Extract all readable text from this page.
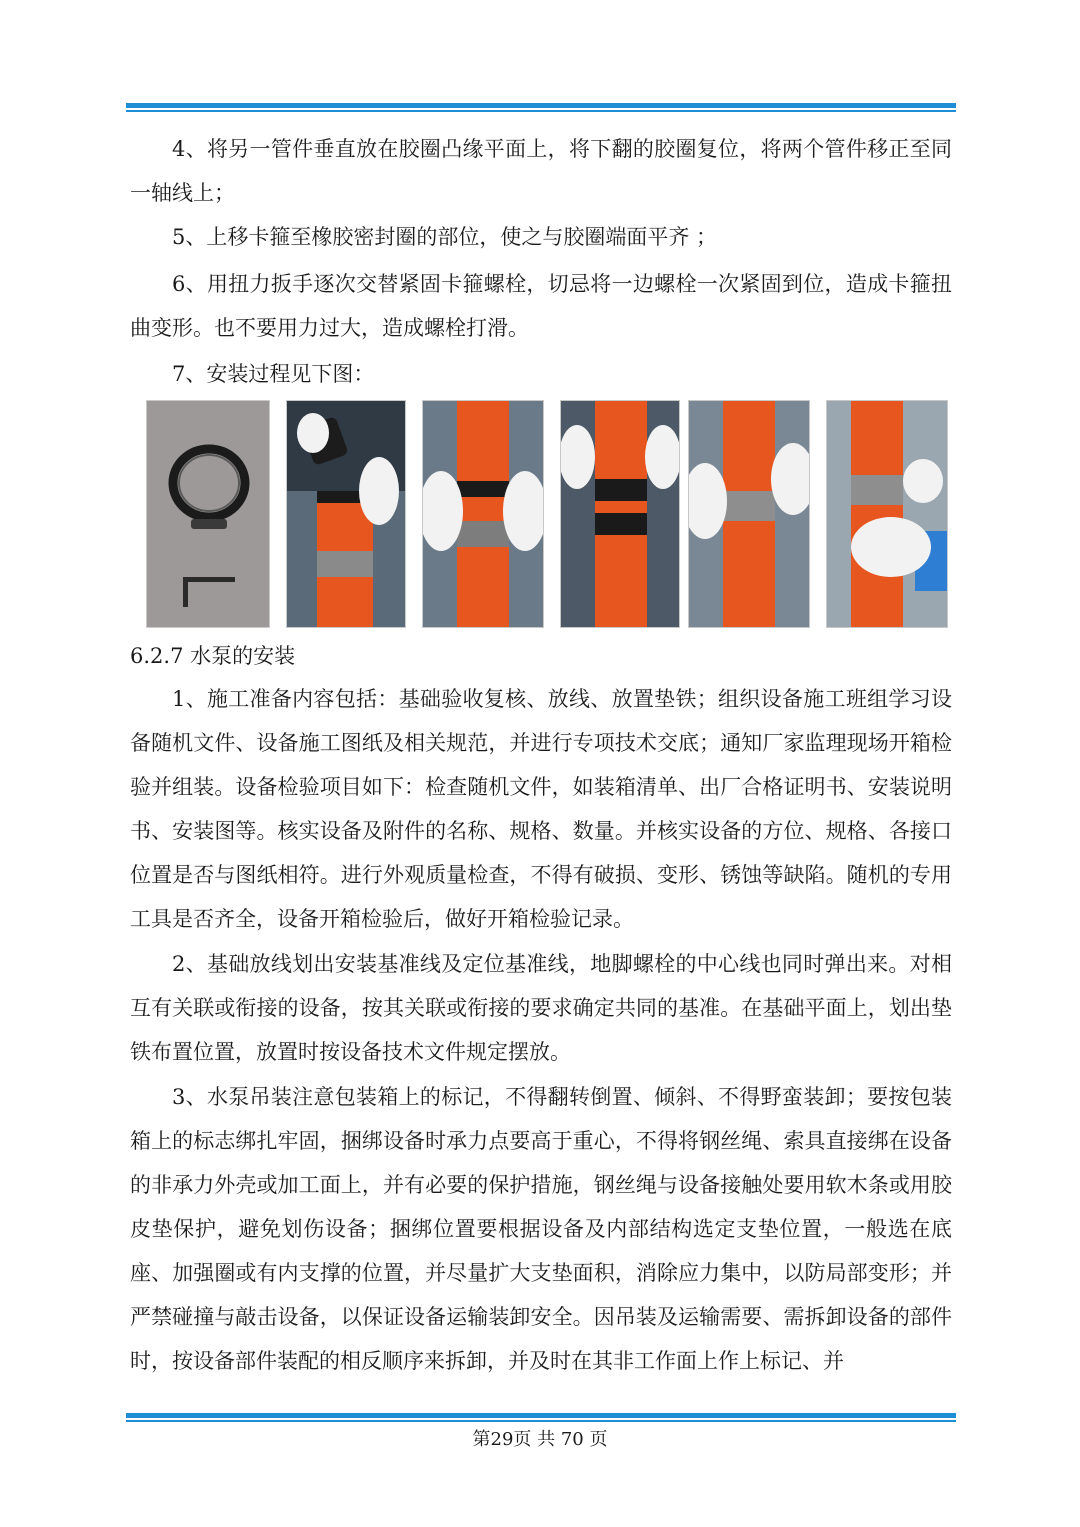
4、将另一管件垂直放在胶圈凸缘平面上，将下翻的胶圈复位，将两个管件移正至同一轴线上；

5、上移卡箍至橡胶密封圈的部位，使之与胶圈端面平齐 ；

6、用扭力扳手逐次交替紧固卡箍螺栓，切忌将一边螺栓一次紧固到位，造成卡箍扭曲变形。也不要用力过大，造成螺栓打滑。

7、安装过程见下图：

6.2.7 水泵的安装

1、施工准备内容包括：基础验收复核、放线、放置垫铁；组织设备施工班组学习设备随机文件、设备施工图纸及相关规范，并进行专项技术交底；通知厂家监理现场开箱检验并组装。设备检验项目如下：检查随机文件，如装箱清单、出厂合格证明书、安装说明书、安装图等。核实设备及附件的名称、规格、数量。并核实设备的方位、规格、各接口位置是否与图纸相符。进行外观质量检查，不得有破损、变形、锈蚀等缺陷。随机的专用工具是否齐全，设备开箱检验后，做好开箱检验记录。

2、基础放线划出安装基准线及定位基准线，地脚螺栓的中心线也同时弹出来。对相互有关联或衔接的设备，按其关联或衔接的要求确定共同的基准。在基础平面上，划出垫铁布置位置，放置时按设备技术文件规定摆放。

3、水泵吊装注意包装箱上的标记，不得翻转倒置、倾斜、不得野蛮装卸；要按包装箱上的标志绑扎牢固，捆绑设备时承力点要高于重心，不得将钢丝绳、索具直接绑在设备的非承力外壳或加工面上，并有必要的保护措施，钢丝绳与设备接触处要用软木条或用胶皮垫保护，避免划伤设备；捆绑位置要根据设备及内部结构选定支垫位置，一般选在底座、加强圈或有内支撑的位置，并尽量扩大支垫面积，消除应力集中，以防局部变形；并严禁碰撞与敲击设备，以保证设备运输装卸安全。因吊装及运输需要、需拆卸设备的部件时，按设备部件装配的相反顺序来拆卸，并及时在其非工作面上作上标记、并

第29页 共 70 页
